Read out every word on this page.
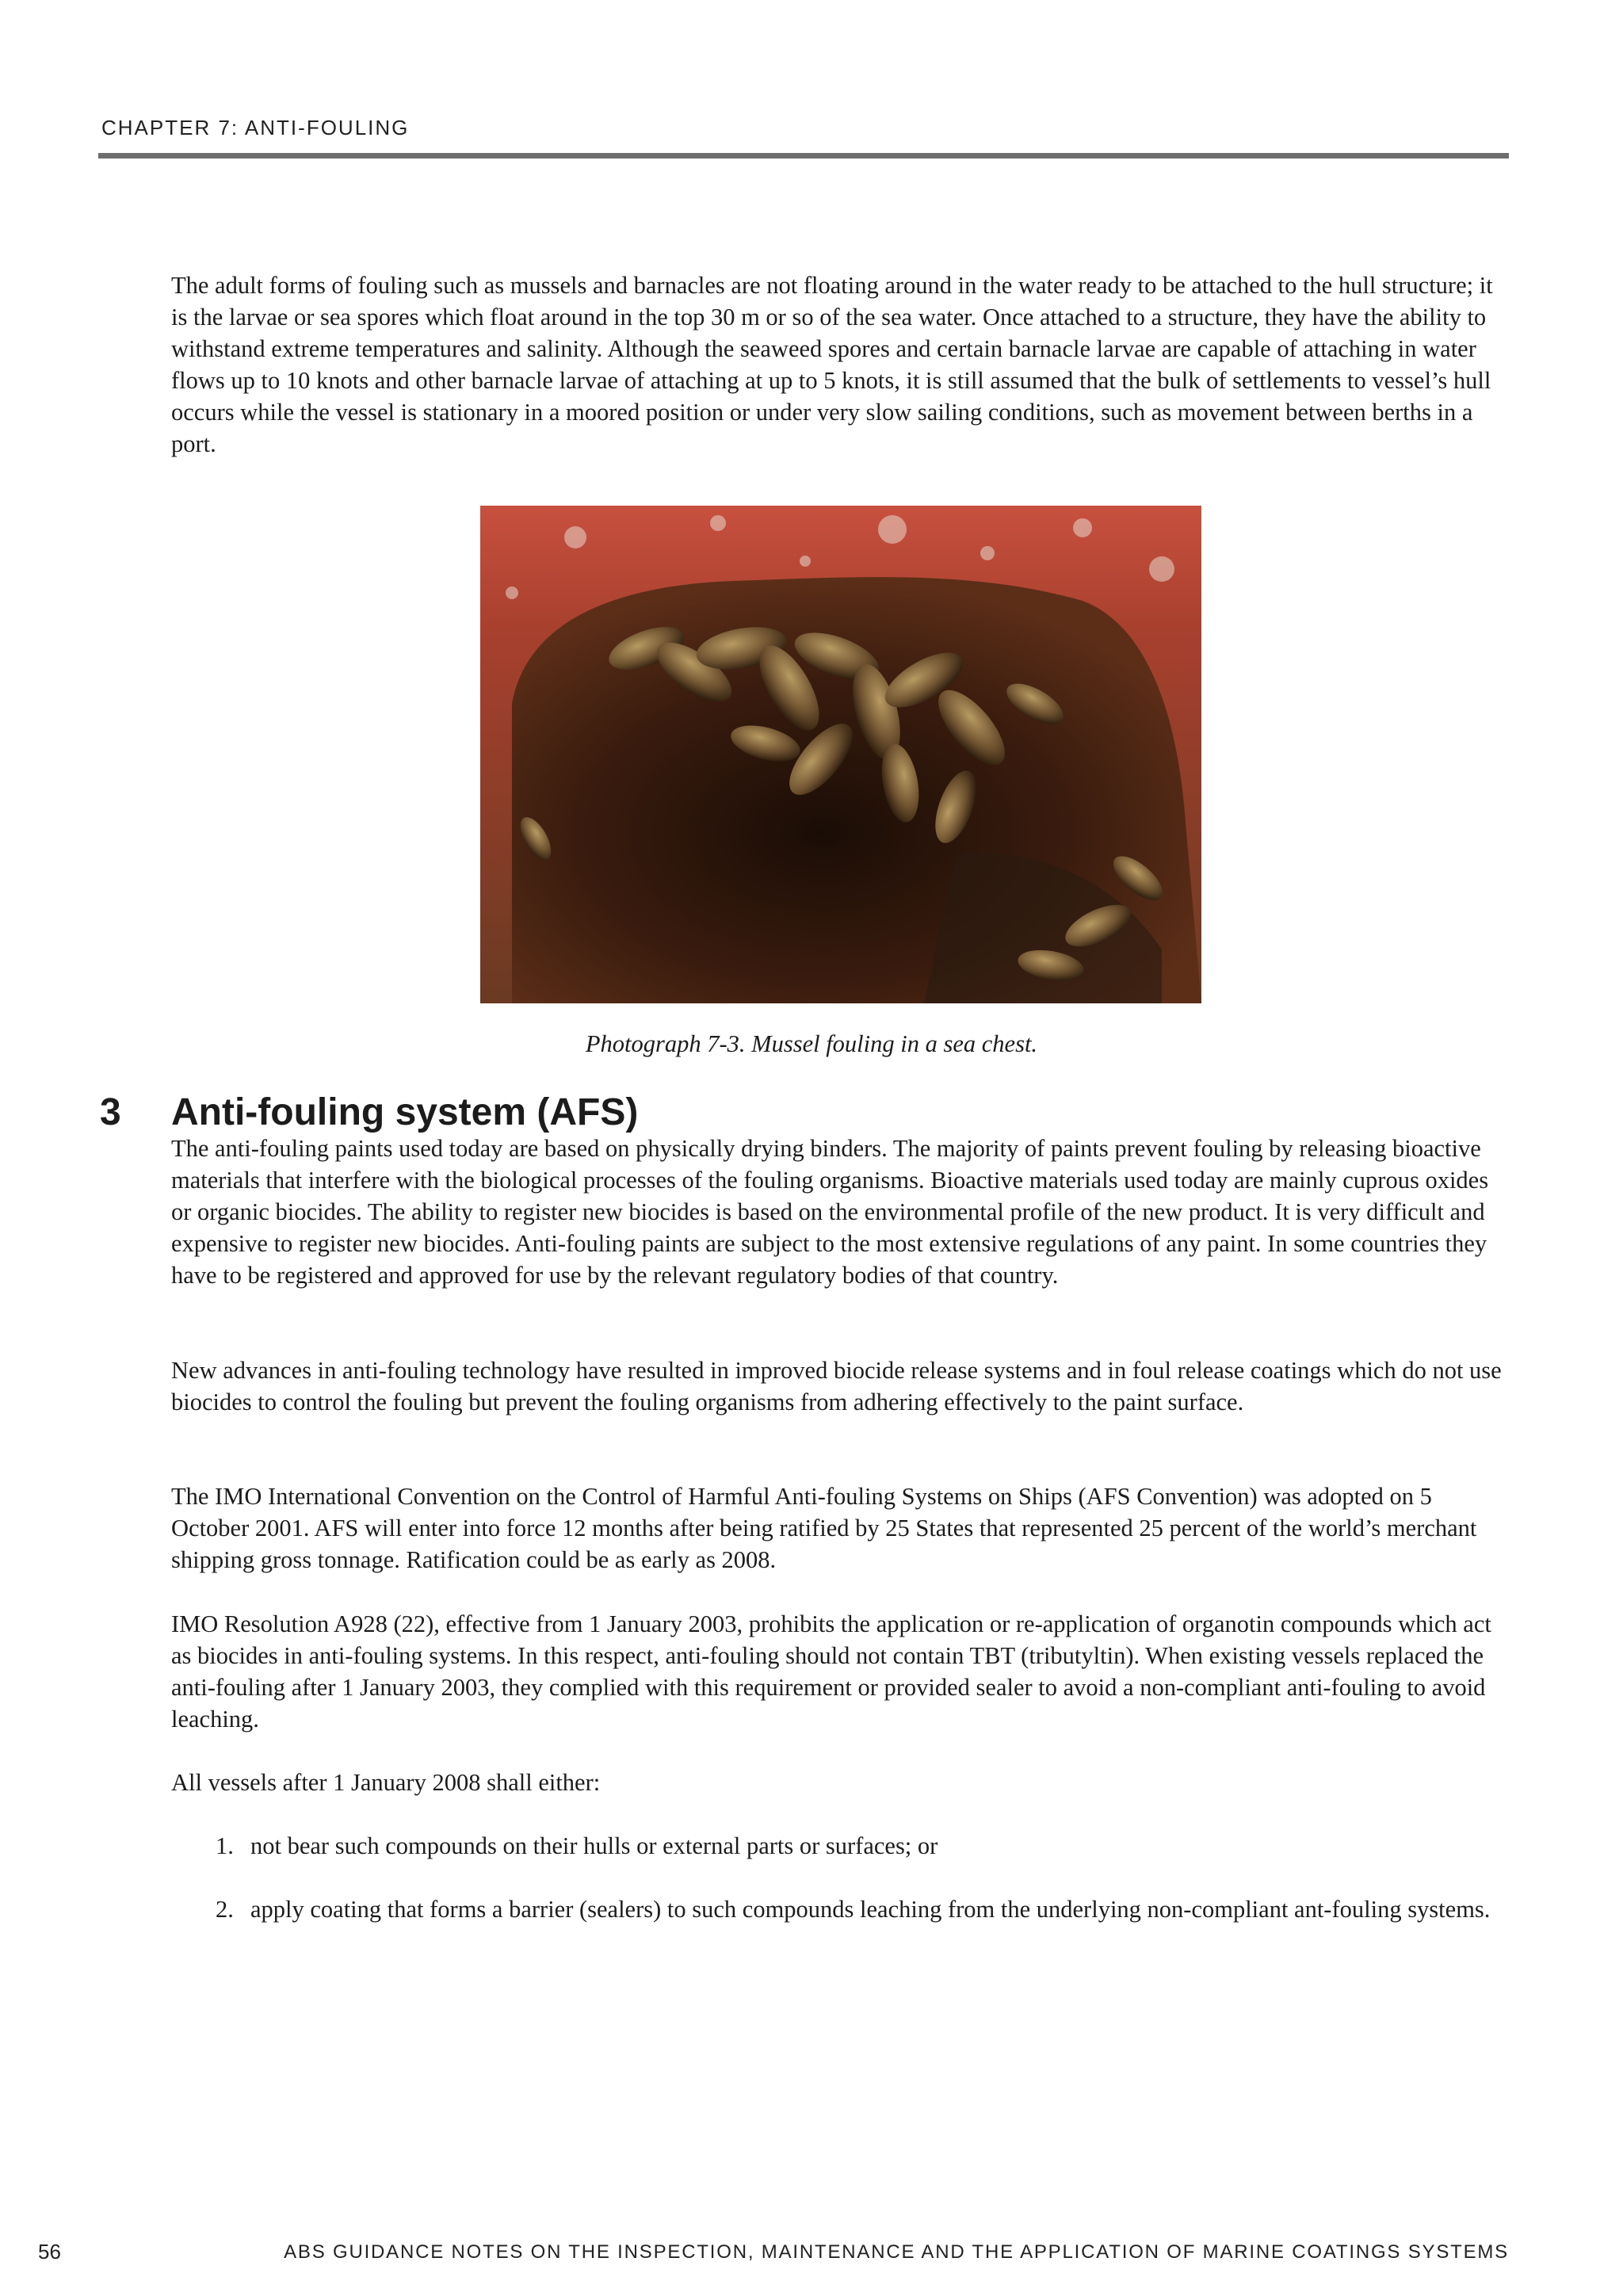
CHAPTER 7: ANTI-FOULING

The adult forms of fouling such as mussels and barnacles are not floating around in the water ready to be attached to the hull structure; it is the larvae or sea spores which float around in the top 30 m or so of the sea water. Once attached to a structure, they have the ability to withstand extreme temperatures and salinity. Although the seaweed spores and certain barnacle larvae are capable of attaching in water flows up to 10 knots and other barnacle larvae of attaching at up to 5 knots, it is still assumed that the bulk of settlements to vessel’s hull occurs while the vessel is stationary in a moored position or under very slow sailing conditions, such as movement between berths in a port.

Photograph 7-3. Mussel fouling in a sea chest.
3 Anti-fouling system (AFS)

The anti-fouling paints used today are based on physically drying binders. The majority of paints prevent fouling by releasing bioactive materials that interfere with the biological processes of the fouling organisms. Bioactive materials used today are mainly cuprous oxides or organic biocides. The ability to register new biocides is based on the environmental profile of the new product. It is very difficult and expensive to register new biocides. Anti-fouling paints are subject to the most extensive regulations of any paint. In some countries they have to be registered and approved for use by the relevant regulatory bodies of that country.

New advances in anti-fouling technology have resulted in improved biocide release systems and in foul release coatings which do not use biocides to control the fouling but prevent the fouling organisms from adhering effectively to the paint surface.

The IMO International Convention on the Control of Harmful Anti-fouling Systems on Ships (AFS Convention) was adopted on 5 October 2001. AFS will enter into force 12 months after being ratified by 25 States that represented 25 percent of the world’s merchant shipping gross tonnage. Ratification could be as early as 2008.

IMO Resolution A928 (22), effective from 1 January 2003, prohibits the application or re-application of organotin compounds which act as biocides in anti-fouling systems. In this respect, anti-fouling should not contain TBT (tributyltin). When existing vessels replaced the anti-fouling after 1 January 2003, they complied with this requirement or provided sealer to avoid a non-compliant anti-fouling to avoid leaching.

All vessels after 1 January 2008 shall either:

1. not bear such compounds on their hulls or external parts or surfaces; or
2. apply coating that forms a barrier (sealers) to such compounds leaching from the underlying non-compliant ant-fouling systems.
56	ABS GUIDANCE NOTES ON THE INSPECTION, MAINTENANCE AND THE APPLICATION OF MARINE COATINGS SYSTEMS
